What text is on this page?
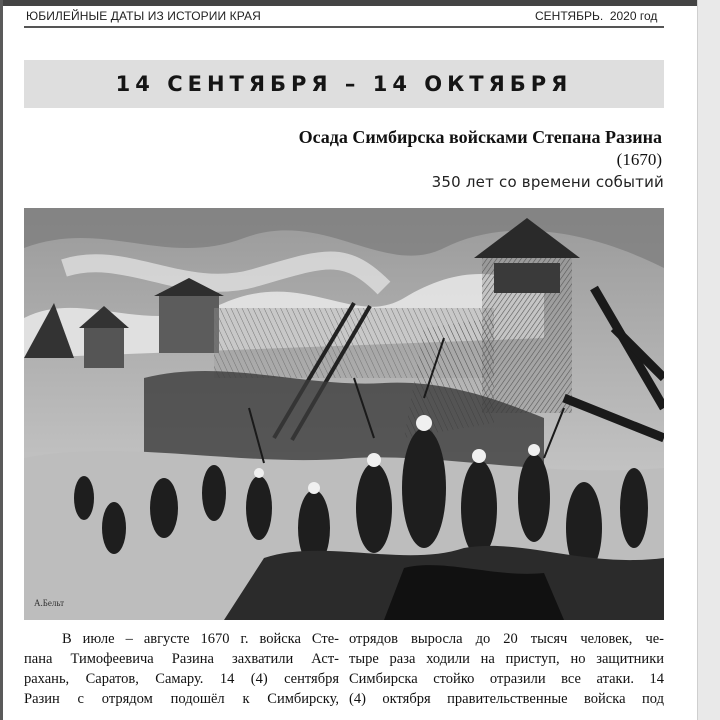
ЮБИЛЕЙНЫЕ ДАТЫ ИЗ ИСТОРИИ КРАЯ	СЕНТЯБРЬ.  2020 год
14 СЕНТЯБРЯ – 14 ОКТЯБРЯ
Осада Симбирска войсками Степана Разина
(1670)
350 лет со времени событий
А.Бельт
В июле – августе 1670 г. войска Сте-
пана Тимофеевича Разина захватили Аст-
рахань, Саратов, Самару. 14 (4) сентября
Разин с отрядом подошёл к Симбирску,
отрядов выросла до 20 тысяч человек, че-
тыре раза ходили на приступ, но защитники
Симбирска стойко отразили все атаки. 14
(4) октября правительственные войска под
